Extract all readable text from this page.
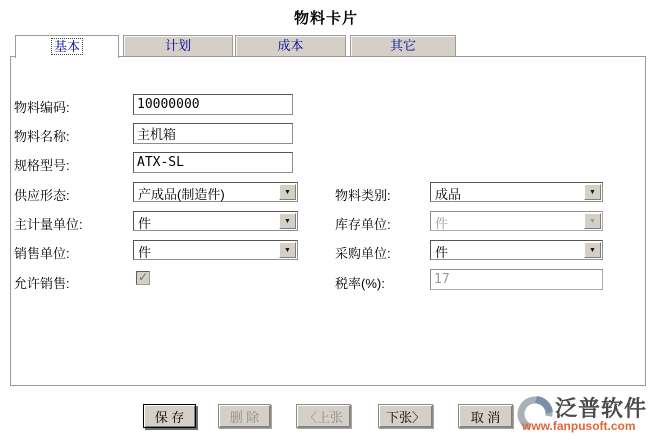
物料卡片
基本	计划	成本	其它
物料编码:
10000000
物料名称:
主机箱
规格型号:
ATX-SL
供应形态:	产成品(制造件)	▼	物料类别:	成品	▼
主计量单位:	件	▼	库存单位:	件	▼
销售单位:	件	▼	采购单位:	件	▼
允许销售:	✓	税率(%):
17
保 存	删 除	〈上张	下张〉	取 消	泛普软件
www.fanpusoft.com
